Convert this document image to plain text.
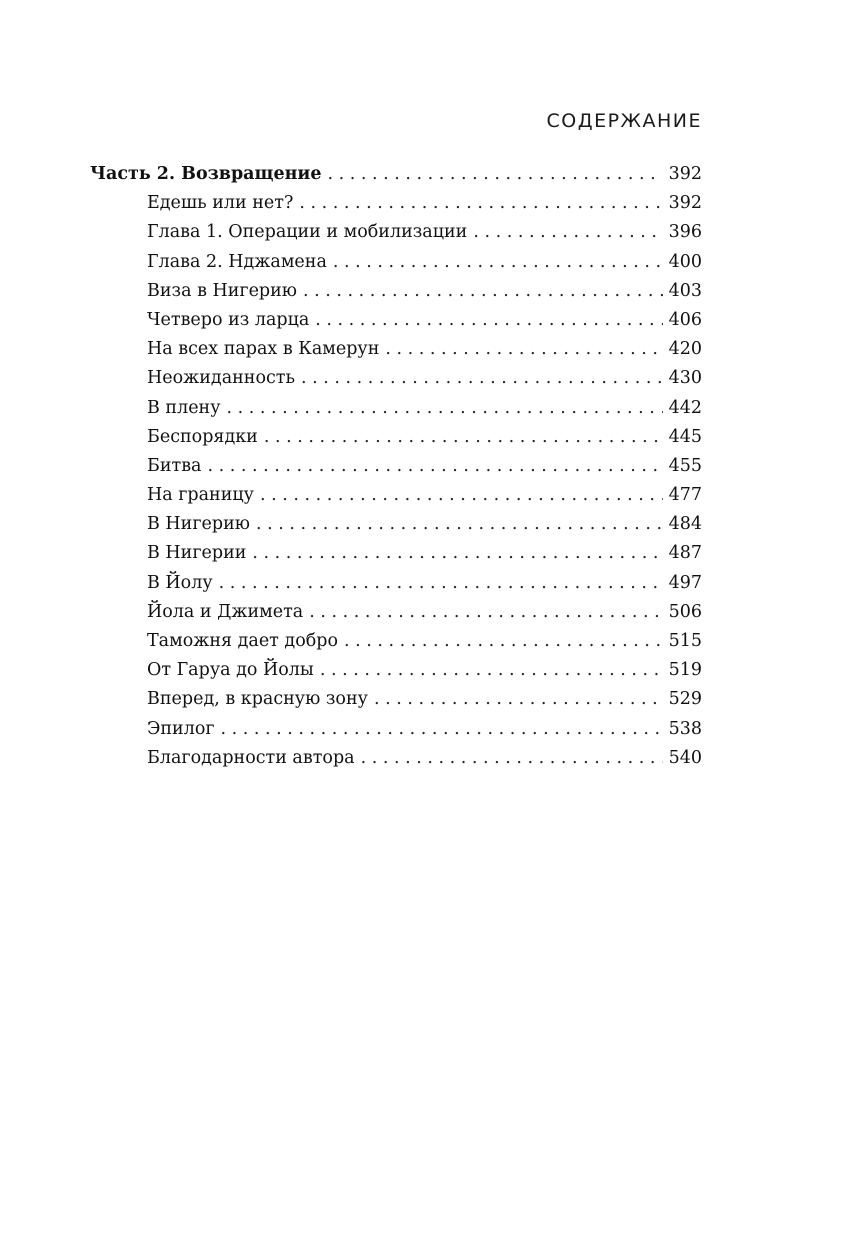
СОДЕРЖАНИЕ
Часть 2. Возвращение . . .	392
Едешь или нет? . . .	392
Глава 1. Операции и мобилизации . . .	396
Глава 2. Нджамена . . .	400
Виза в Нигерию . . .	403
Четверо из ларца . . .	406
На всех парах в Камерун . . .	420
Неожиданность . . .	430
В плену . . .	442
Беспорядки . . .	445
Битва . . .	455
На границу . . .	477
В Нигерию . . .	484
В Нигерии . . .	487
В Йолу . . .	497
Йола и Джимета . . .	506
Таможня дает добро . . .	515
От Гаруа до Йолы . . .	519
Вперед, в красную зону . . .	529
Эпилог . . .	538
Благодарности автора . . .	540
